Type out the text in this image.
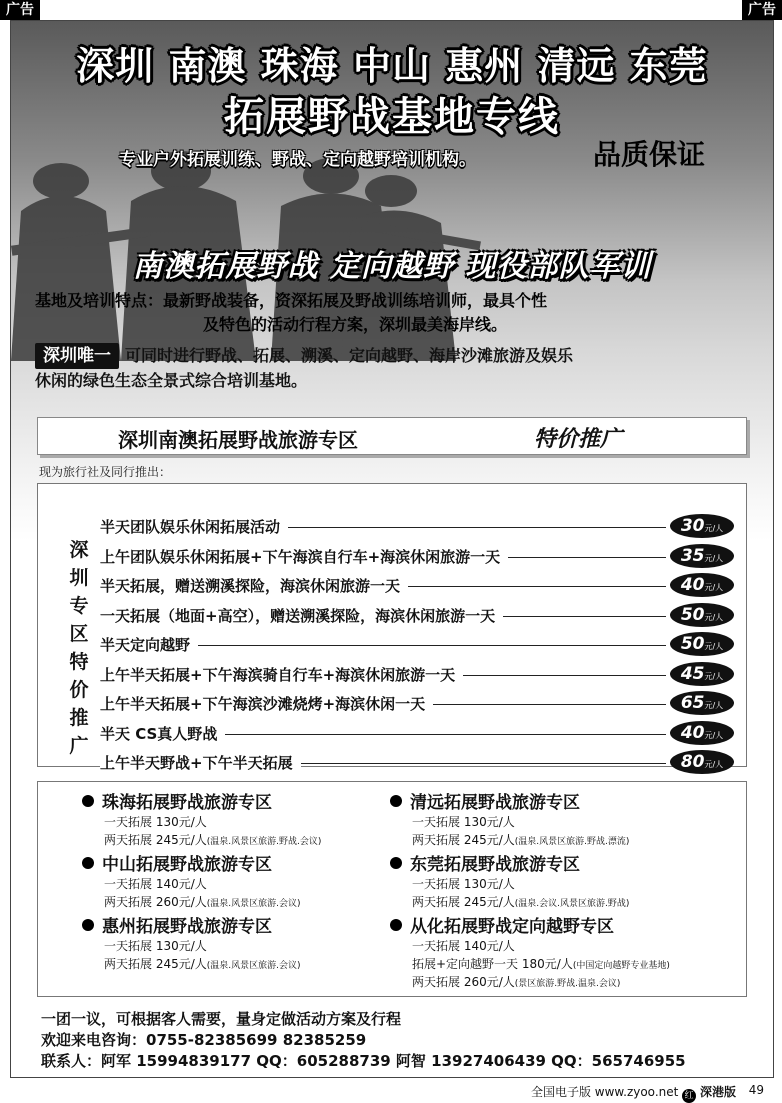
广告	广告
深圳 南澳 珠海 中山 惠州 清远 东莞
拓展野战基地专线
专业户外拓展训练、野战、定向越野培训机构。	品质保证
南澳拓展野战 定向越野 现役部队军训
基地及培训特点：最新野战装备，资深拓展及野战训练培训师，最具个性
及特色的活动行程方案，深圳最美海岸线。
深圳唯一 可同时进行野战、拓展、溯溪、定向越野、海岸沙滩旅游及娱乐
休闲的绿色生态全景式综合培训基地。
深圳南澳拓展野战旅游专区	特价推广
现为旅行社及同行推出：
深
圳
专
区
特
价
推
广
半天团队娱乐休闲拓展活动	30元/人
上午团队娱乐休闲拓展+下午海滨自行车+海滨休闲旅游一天	35元/人
半天拓展，赠送溯溪探险，海滨休闲旅游一天	40元/人
一天拓展（地面+高空），赠送溯溪探险，海滨休闲旅游一天	50元/人
半天定向越野	50元/人
上午半天拓展+下午海滨骑自行车+海滨休闲旅游一天	45元/人
上午半天拓展+下午海滨沙滩烧烤+海滨休闲一天	65元/人
半天 CS真人野战	40元/人
上午半天野战+下午半天拓展	80元/人
珠海拓展野战旅游专区
一天拓展 130元/人
两天拓展 245元/人(温泉.风景区旅游.野战.会议)
清远拓展野战旅游专区
一天拓展 130元/人
两天拓展 245元/人(温泉.风景区旅游.野战.漂流)
中山拓展野战旅游专区
一天拓展 140元/人
两天拓展 260元/人(温泉.风景区旅游.会议)
东莞拓展野战旅游专区
一天拓展 130元/人
两天拓展 245元/人(温泉.会议.风景区旅游.野战)
惠州拓展野战旅游专区
一天拓展 130元/人
两天拓展 245元/人(温泉.风景区旅游.会议)
从化拓展野战定向越野专区
一天拓展 140元/人
拓展+定向越野一天 180元/人(中国定向越野专业基地)
两天拓展 260元/人(景区旅游.野战.温泉.会议)
一团一议，可根据客人需要，量身定做活动方案及行程
欢迎来电咨询：0755-82385699 82385259
联系人：阿军 15994839177 QQ：605288739 阿智 13927406439 QQ：565746955
全国电子版 www.zyoo.net 红 深港版 49
